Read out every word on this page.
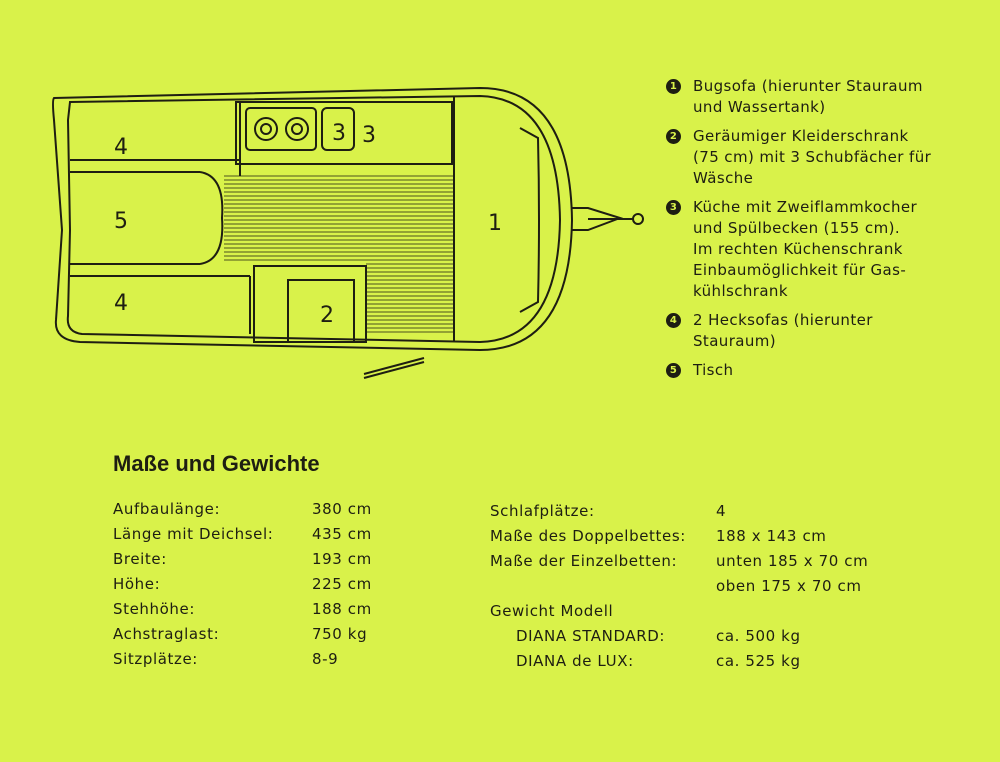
1
2
3 3
4
5
4
1 Bugsofa (hierunter Stauraum
und Wassertank)
2 Geräumiger Kleiderschrank
(75 cm) mit 3 Schubfächer für
Wäsche
3 Küche mit Zweiflammkocher
und Spülbecken (155 cm).
Im rechten Küchenschrank
Einbaumöglichkeit für Gas-
kühlschrank
4 2 Hecksofas (hierunter
Stauraum)
5 Tisch
Maße und Gewichte
Aufbaulänge:	380 cm
Länge mit Deichsel:	435 cm
Breite:	193 cm
Höhe:	225 cm
Stehhöhe:	188 cm
Achstraglast:	750 kg
Sitzplätze:	8-9
Schlafplätze:	4
Maße des Doppelbettes: 188 x 143 cm
Maße der Einzelbetten:	unten 185 x 70 cm
oben 175 x 70 cm
Gewicht Modell
DIANA STANDARD:	ca. 500 kg
DIANA de LUX:	ca. 525 kg
